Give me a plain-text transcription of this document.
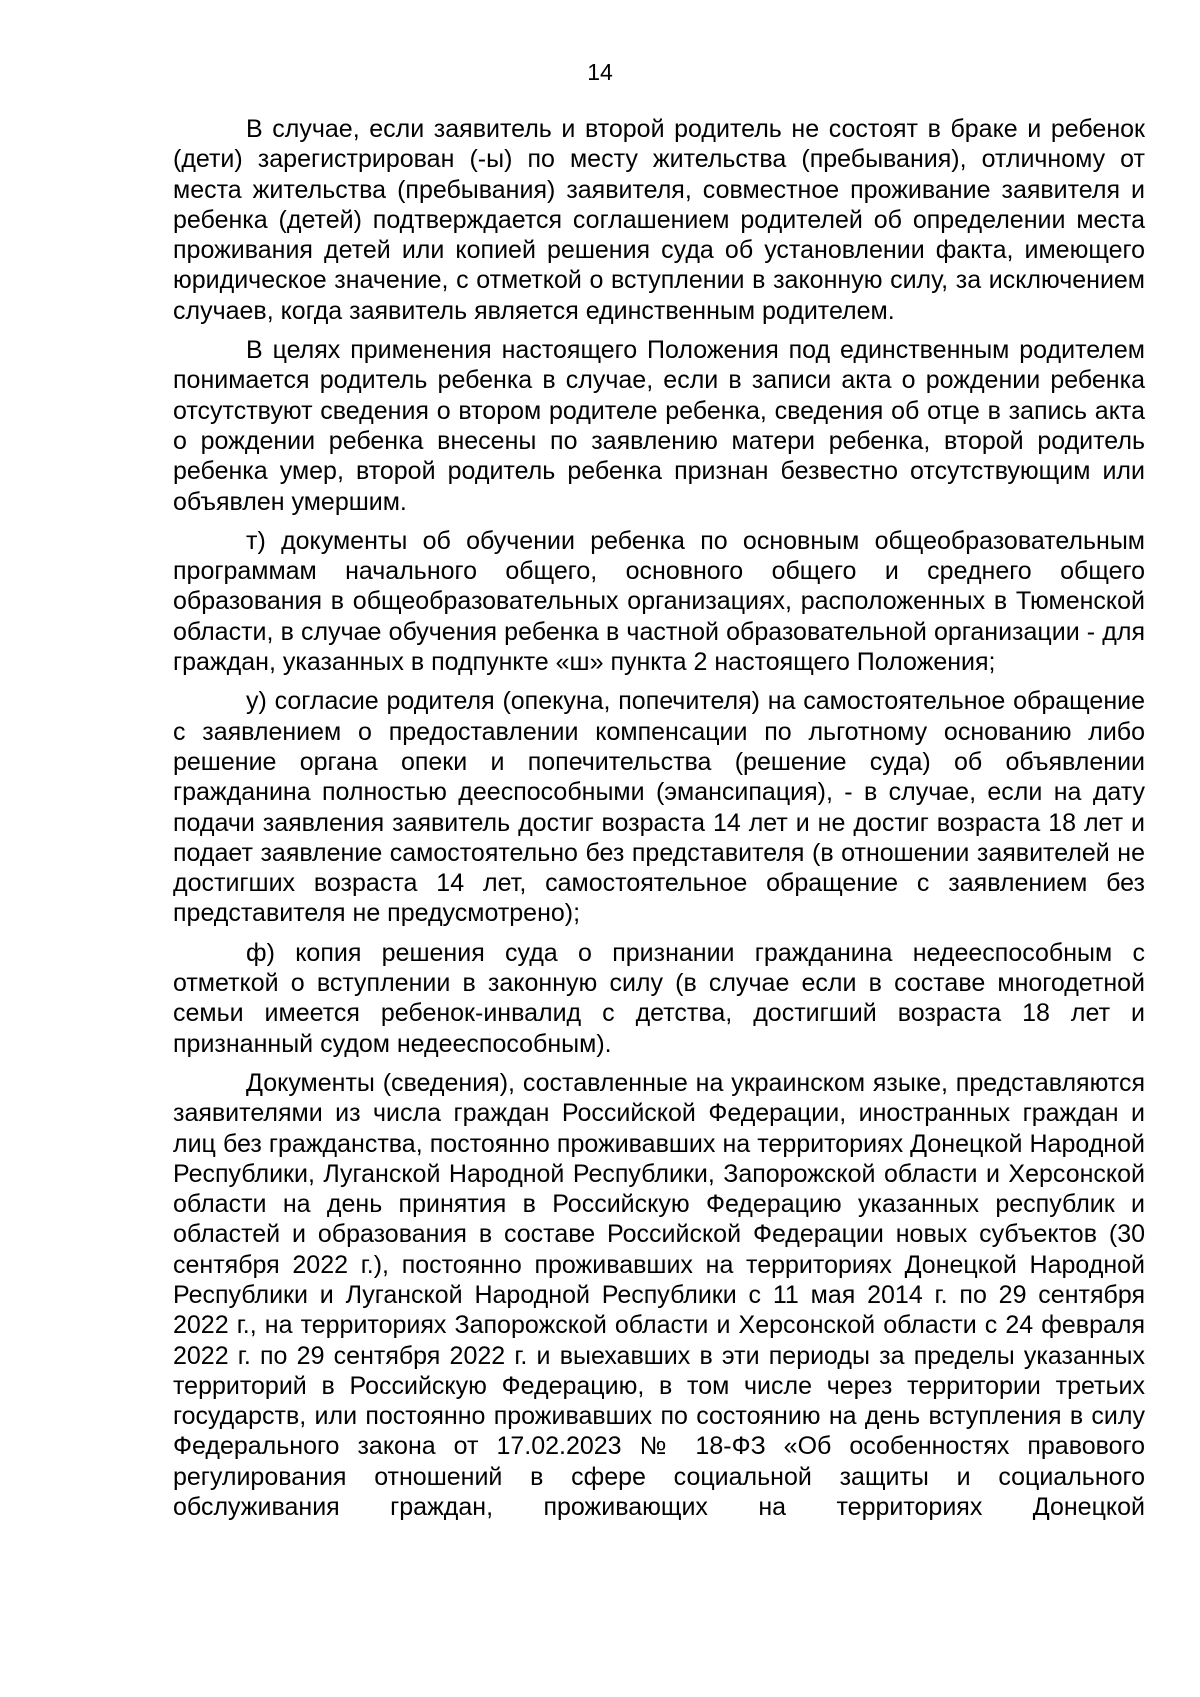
14

В случае, если заявитель и второй родитель не состоят в браке и ребенок (дети) зарегистрирован (-ы) по месту жительства (пребывания), отличному от места жительства (пребывания) заявителя, совместное проживание заявителя и ребенка (детей) подтверждается соглашением родителей об определении места проживания детей или копией решения суда об установлении факта, имеющего юридическое значение, с отметкой о вступлении в законную силу, за исключением случаев, когда заявитель является единственным родителем.

В целях применения настоящего Положения под единственным родителем понимается родитель ребенка в случае, если в записи акта о рождении ребенка отсутствуют сведения о втором родителе ребенка, сведения об отце в запись акта о рождении ребенка внесены по заявлению матери ребенка, второй родитель ребенка умер, второй родитель ребенка признан безвестно отсутствующим или объявлен умершим.

т) документы об обучении ребенка по основным общеобразовательным программам начального общего, основного общего и среднего общего образования в общеобразовательных организациях, расположенных в Тюменской области, в случае обучения ребенка в частной образовательной организации - для граждан, указанных в подпункте «ш» пункта 2 настоящего Положения;

у) согласие родителя (опекуна, попечителя) на самостоятельное обращение с заявлением о предоставлении компенсации по льготному основанию либо решение органа опеки и попечительства (решение суда) об объявлении гражданина полностью дееспособными (эмансипация), - в случае, если на дату подачи заявления заявитель достиг возраста 14 лет и не достиг возраста 18 лет и подает заявление самостоятельно без представителя (в отношении заявителей не достигших возраста 14 лет, самостоятельное обращение с заявлением без представителя не предусмотрено);

ф) копия решения суда о признании гражданина недееспособным с отметкой о вступлении в законную силу (в случае если в составе многодетной семьи имеется ребенок-инвалид с детства, достигший возраста 18 лет и признанный судом недееспособным).

Документы (сведения), составленные на украинском языке, представляются заявителями из числа граждан Российской Федерации, иностранных граждан и лиц без гражданства, постоянно проживавших на территориях Донецкой Народной Республики, Луганской Народной Республики, Запорожской области и Херсонской области на день принятия в Российскую Федерацию указанных республик и областей и образования в составе Российской Федерации новых субъектов (30 сентября 2022 г.), постоянно проживавших на территориях Донецкой Народной Республики и Луганской Народной Республики с 11 мая 2014 г. по 29 сентября 2022 г., на территориях Запорожской области и Херсонской области с 24 февраля 2022 г. по 29 сентября 2022 г. и выехавших в эти периоды за пределы указанных территорий в Российскую Федерацию, в том числе через территории третьих государств, или постоянно проживавших по состоянию на день вступления в силу Федерального закона от 17.02.2023 № 18-ФЗ «Об особенностях правового регулирования отношений в сфере социальной защиты и социального обслуживания граждан, проживающих на территориях Донецкой
